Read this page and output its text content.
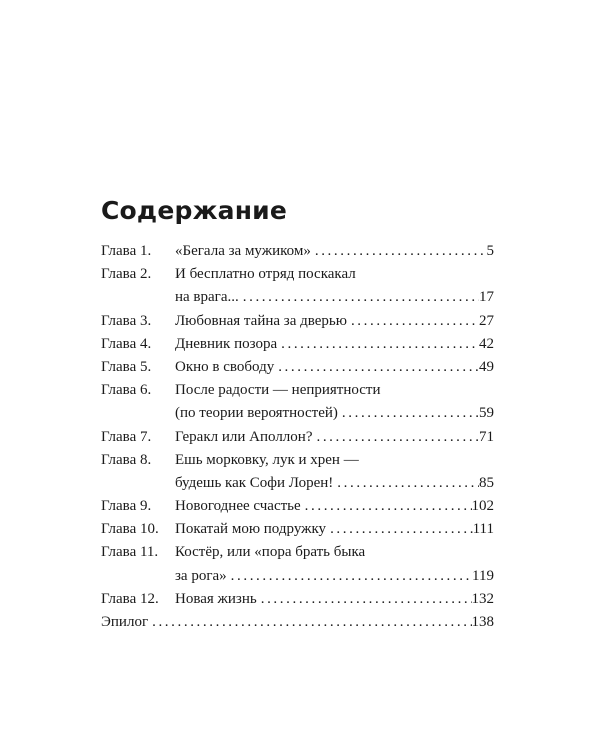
Содержание
Глава 1.	«Бегала за мужиком» .....	5
Глава 2.	И бесплатно отряд поскакал
на врага... .....	17
Глава 3.	Любовная тайна за дверью .....	27
Глава 4.	Дневник позора .....	42
Глава 5.	Окно в свободу .....	49
Глава 6.	После радости — неприятности
(по теории вероятностей) .....	59
Глава 7.	Геракл или Аполлон? .....	71
Глава 8.	Ешь морковку, лук и хрен —
будешь как Софи Лорен! .....	85
Глава 9.	Новогоднее счастье .....	102
Глава 10.	Покатай мою подружку .....	111
Глава 11.	Костёр, или «пора брать быка
за рога» .....	119
Глава 12.	Новая жизнь .....	132
Эпилог .....	138
